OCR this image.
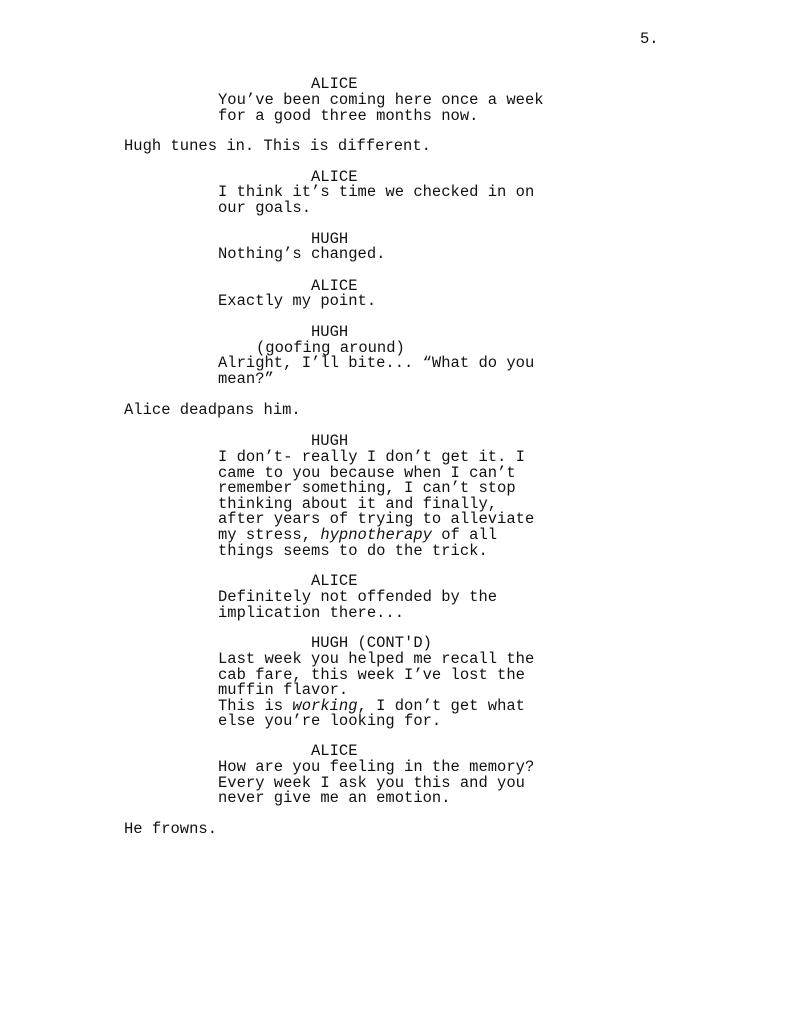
5.
ALICE
You’ve been coming here once a week
for a good three months now.
Hugh tunes in. This is different.
ALICE
I think it’s time we checked in on
our goals.
HUGH
Nothing’s changed.
ALICE
Exactly my point.
HUGH
(goofing around)
Alright, I’ll bite... “What do you
mean?”
Alice deadpans him.
HUGH
I don’t- really I don’t get it. I
came to you because when I can’t
remember something, I can’t stop
thinking about it and finally,
after years of trying to alleviate
my stress, hypnotherapy of all
things seems to do the trick.
ALICE
Definitely not offended by the
implication there...
HUGH (CONT'D)
Last week you helped me recall the
cab fare, this week I’ve lost the
muffin flavor.
This is working, I don’t get what
else you’re looking for.
ALICE
How are you feeling in the memory?
Every week I ask you this and you
never give me an emotion.
He frowns.
